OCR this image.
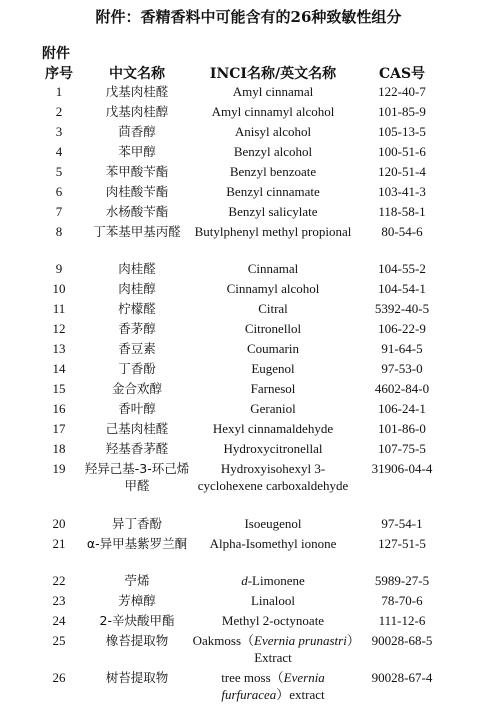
附件：香精香料中可能含有的26种致敏性组分
附件
序号	中文名称	INCI名称/英文名称	CAS号
1	戊基肉桂醛	Amyl cinnamal	122-40-7
2	戊基肉桂醇	Amyl cinnamyl alcohol	101-85-9
3	茴香醇	Anisyl alcohol	105-13-5
4	苯甲醇	Benzyl alcohol	100-51-6
5	苯甲酸苄酯	Benzyl benzoate	120-51-4
6	肉桂酸苄酯	Benzyl cinnamate	103-41-3
7	水杨酸苄酯	Benzyl salicylate	118-58-1
8	丁苯基甲基丙醛	Butylphenyl methyl propional	80-54-6
9	肉桂醛	Cinnamal	104-55-2
10	肉桂醇	Cinnamyl alcohol	104-54-1
11	柠檬醛	Citral	5392-40-5
12	香茅醇	Citronellol	106-22-9
13	香豆素	Coumarin	91-64-5
14	丁香酚	Eugenol	97-53-0
15	金合欢醇	Farnesol	4602-84-0
16	香叶醇	Geraniol	106-24-1
17	己基肉桂醛	Hexyl cinnamaldehyde	101-86-0
18	羟基香茅醛	Hydroxycitronellal	107-75-5
19	羟异己基-3-环己烯甲醛	Hydroxyisohexyl 3-cyclohexene carboxaldehyde	31906-04-4
20	异丁香酚	Isoeugenol	97-54-1
21	α-异甲基紫罗兰酮	Alpha-Isomethyl ionone	127-51-5
22	苧烯	d-Limonene	5989-27-5
23	芳樟醇	Linalool	78-70-6
24	2-辛炔酸甲酯	Methyl 2-octynoate	111-12-6
25	橡苔提取物	Oakmoss（Evernia prunastri）Extract	90028-68-5
26	树苔提取物	tree moss（Evernia furfuracea）extract	90028-67-4
